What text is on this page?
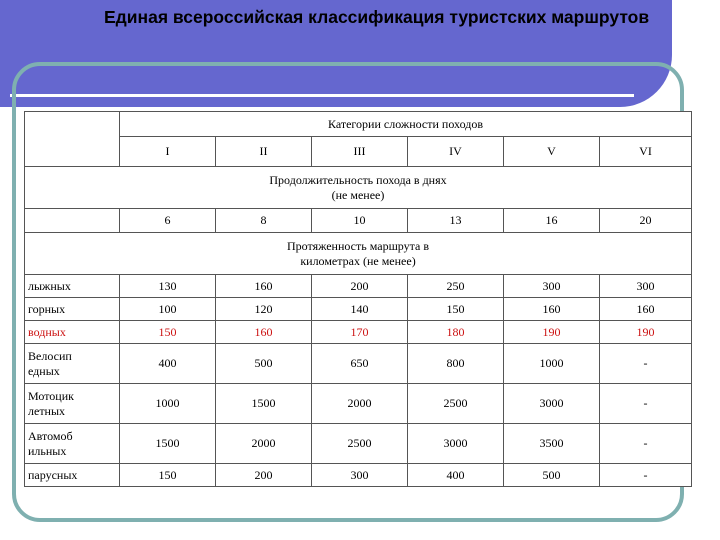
Единая всероссийская классификация туристских маршрутов
	Категории сложности походов					
	I	II	III	IV	V	VI
Продолжительность похода в днях
(не менее)						
	6	8	10	13	16	20
Протяженность маршрута в
километрах (не менее)						
лыжных	130	160	200	250	300	300
горных	100	120	140	150	160	160
водных	150	160	170	180	190	190
Велосип
едных	400	500	650	800	1000	-
Мотоцик
летных	1000	1500	2000	2500	3000	-
Автомоб
ильных	1500	2000	2500	3000	3500	-
парусных	150	200	300	400	500	-
